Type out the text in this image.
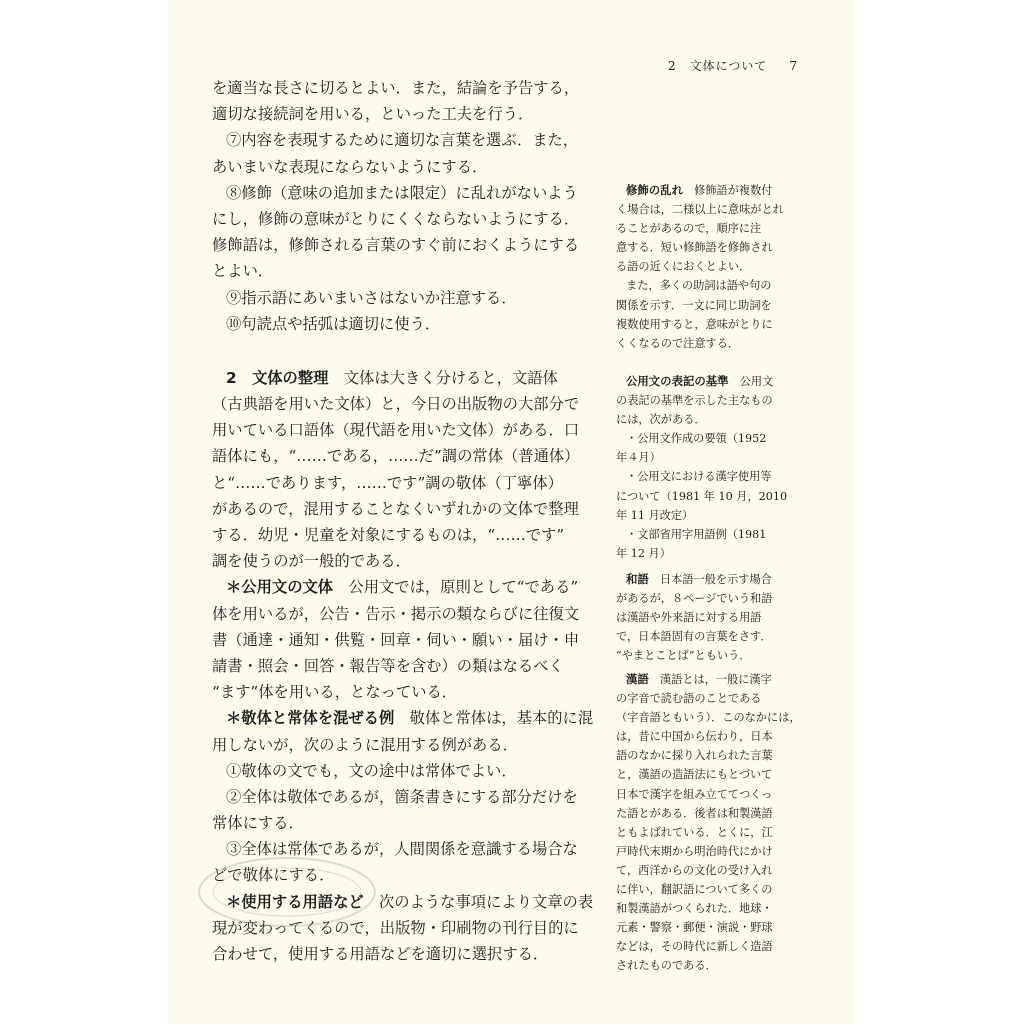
2　文体について 7
を適当な長さに切るとよい．また，結論を予告する，
適切な接続詞を用いる，といった工夫を行う．
⑦内容を表現するために適切な言葉を選ぶ．また，
あいまいな表現にならないようにする．
⑧修飾（意味の追加または限定）に乱れがないよう
にし，修飾の意味がとりにくくならないようにする．
修飾語は，修飾される言葉のすぐ前におくようにする
とよい．
⑨指示語にあいまいさはないか注意する．
⑩句読点や括弧は適切に使う．
2　文体の整理　文体は大きく分けると，文語体
（古典語を用いた文体）と，今日の出版物の大部分で
用いている口語体（現代語を用いた文体）がある．口
語体にも，“……である，……だ”調の常体（普通体）
と“……であります，……です”調の敬体（丁寧体）
があるので，混用することなくいずれかの文体で整理
する．幼児・児童を対象にするものは，“……です”
調を使うのが一般的である．
＊公用文の文体　公用文では，原則として“である”
体を用いるが，公告・告示・掲示の類ならびに往復文
書（通達・通知・供覧・回章・伺い・願い・届け・申
請書・照会・回答・報告等を含む）の類はなるべく
“ます”体を用いる，となっている．
＊敬体と常体を混ぜる例　敬体と常体は，基本的に混
用しないが，次のように混用する例がある．
①敬体の文でも，文の途中は常体でよい．
②全体は敬体であるが，箇条書きにする部分だけを
常体にする．
③全体は常体であるが，人間関係を意識する場合な
どで敬体にする．
＊使用する用語など　次のような事項により文章の表
現が変わってくるので，出版物・印刷物の刊行目的に
合わせて，使用する用語などを適切に選択する．
修飾の乱れ　修飾語が複数付
く場合は，二様以上に意味がとれ
ることがあるので，順序に注
意する．短い修飾語を修飾され
る語の近くにおくとよい．
また，多くの助詞は語や句の
関係を示す．一文に同じ助詞を
複数使用すると，意味がとりに
くくなるので注意する．
公用文の表記の基準　公用文
の表記の基準を示した主なもの
には，次がある．
・公用文作成の要領（1952
年４月）
・公用文における漢字使用等
について（1981 年 10 月，2010
年 11 月改定）
・文部省用字用語例（1981
年 12 月）
和語　日本語一般を示す場合
があるが，８ページでいう和語
は漢語や外来語に対する用語
で，日本語固有の言葉をさす．
“やまとことば”ともいう．
漢語　漢語とは，一般に漢字
の字音で読む語のことである
（字音語ともいう）．このなかには，
は，昔に中国から伝わり，日本
語のなかに採り入れられた言葉
と，漢語の造語法にもとづいて
日本で漢字を組み立ててつくっ
た語とがある．後者は和製漢語
ともよばれている．とくに，江
戸時代末期から明治時代にかけ
て，西洋からの文化の受け入れ
に伴い，翻訳語について多くの
和製漢語がつくられた．地球・
元素・警察・郵便・演説・野球
などは，その時代に新しく造語
されたものである．
